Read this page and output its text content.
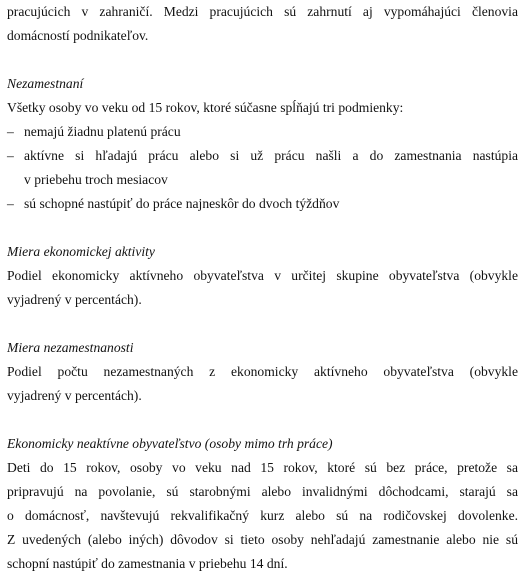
pracujúcich v zahraničí. Medzi pracujúcich sú zahrnutí aj vypomáhajúci členovia
domácností podnikateľov.
Nezamestnaní
Všetky osoby vo veku od 15 rokov, ktoré súčasne spĺňajú tri podmienky:
– nemajú žiadnu platenú prácu
– aktívne si hľadajú prácu alebo si už prácu našli a do zamestnania nastúpia
v priebehu troch mesiacov
– sú schopné nastúpiť do práce najneskôr do dvoch týždňov
Miera ekonomickej aktivity
Podiel ekonomicky aktívneho obyvateľstva v určitej skupine obyvateľstva (obvykle
vyjadrený v percentách).
Miera nezamestnanosti
Podiel počtu nezamestnaných z ekonomicky aktívneho obyvateľstva (obvykle
vyjadrený v percentách).
Ekonomicky neaktívne obyvateľstvo (osoby mimo trh práce)
Deti do 15 rokov, osoby vo veku nad 15 rokov, ktoré sú bez práce, pretože sa
pripravujú na povolanie, sú starobnými alebo invalidnými dôchodcami, starajú sa
o domácnosť, navštevujú rekvalifikačný kurz alebo sú na rodičovskej dovolenke.
Z uvedených (alebo iných) dôvodov si tieto osoby nehľadajú zamestnanie alebo nie sú
schopní nastúpiť do zamestnania v priebehu 14 dní.
